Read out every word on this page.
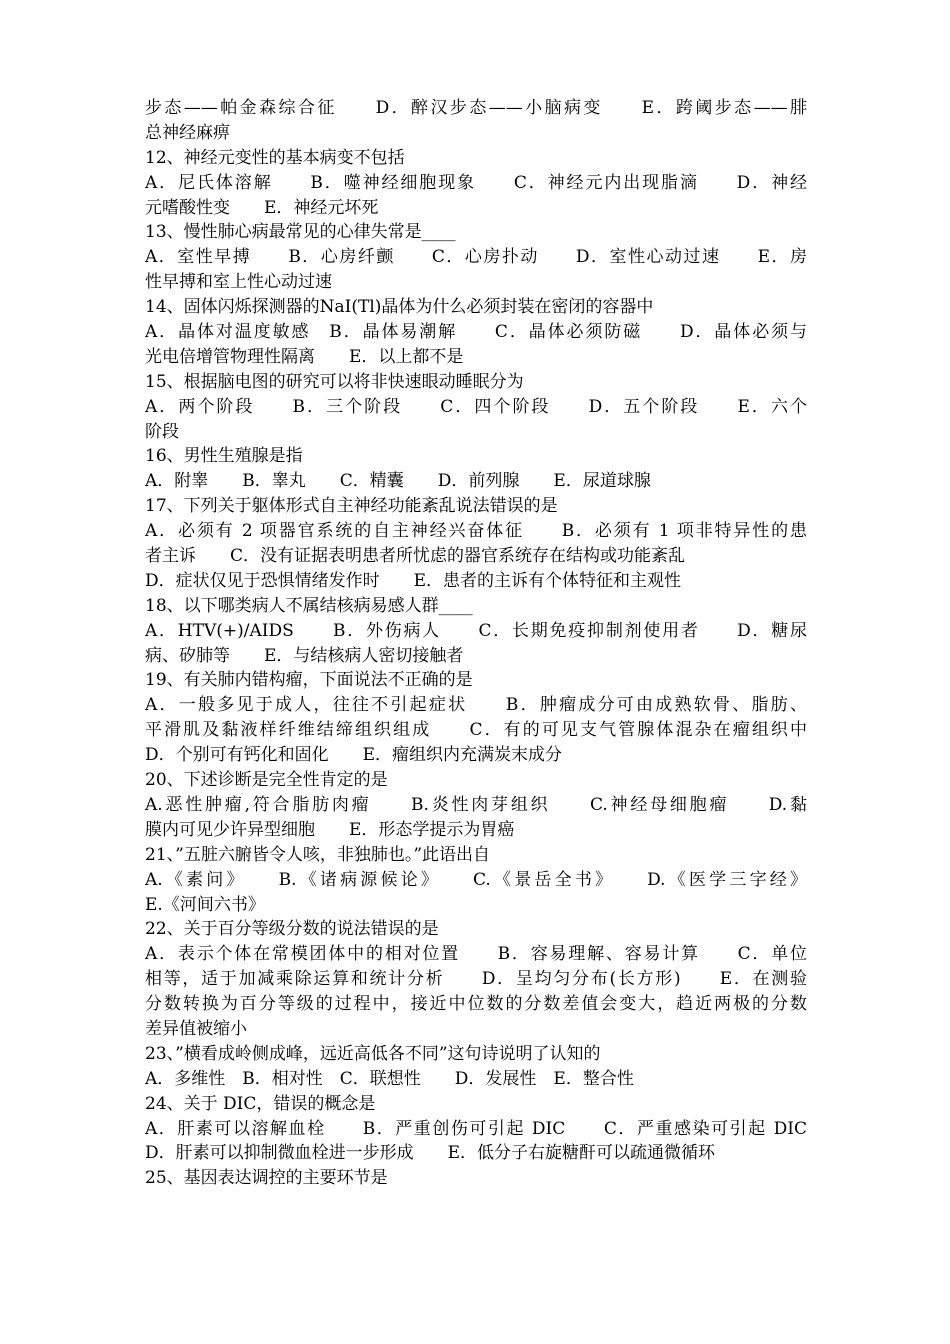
步态——帕金森综合征　　D．醉汉步态——小脑病变　　E．跨阈步态——腓
总神经麻痹
12、神经元变性的基本病变不包括
A．尼氏体溶解　　B．噬神经细胞现象　　C．神经元内出现脂滴　　D．神经
元嗜酸性变　　E．神经元坏死
13、慢性肺心病最常见的心律失常是____
A．室性早搏　　B．心房纤颤　　C．心房扑动　　D．室性心动过速　　E．房
性早搏和室上性心动过速
14、固体闪烁探测器的NaI(Tl)晶体为什么必须封装在密闭的容器中
A．晶体对温度敏感　B．晶体易潮解　　C．晶体必须防磁　　D．晶体必须与
光电倍增管物理性隔离　　E．以上都不是
15、根据脑电图的研究可以将非快速眼动睡眠分为
A．两个阶段　　B．三个阶段　　C．四个阶段　　D．五个阶段　　E．六个
阶段
16、男性生殖腺是指
A．附睾　　B．睾丸　　C．精囊　　D．前列腺　　E．尿道球腺
17、下列关于躯体形式自主神经功能紊乱说法错误的是
A．必须有 2 项器官系统的自主神经兴奋体征　　B．必须有 1 项非特异性的患
者主诉　　C．没有证据表明患者所忧虑的器官系统存在结构或功能紊乱
D．症状仅见于恐惧情绪发作时　　E．患者的主诉有个体特征和主观性
18、以下哪类病人不属结核病易感人群____
A．HTV(+)/AIDS　　B．外伤病人　　C．长期免疫抑制剂使用者　　D．糖尿
病、矽肺等　　E．与结核病人密切接触者
19、有关肺内错构瘤，下面说法不正确的是
A．一般多见于成人，往往不引起症状　　B．肿瘤成分可由成熟软骨、脂肪、
平滑肌及黏液样纤维结缔组织组成　　C．有的可见支气管腺体混杂在瘤组织中
D．个别可有钙化和固化　　E．瘤组织内充满炭末成分
20、下述诊断是完全性肯定的是
A.恶性肿瘤,符合脂肪肉瘤　　B.炎性肉芽组织　　C.神经母细胞瘤　　D.黏
膜内可见少许异型细胞　　E．形态学提示为胃癌
21、”五脏六腑皆令人咳，非独肺也。”此语出自
A.《素问》　　B.《诸病源候论》　　C.《景岳全书》　　D.《医学三字经》
E.《河间六书》
22、关于百分等级分数的说法错误的是
A．表示个体在常模团体中的相对位置　　B．容易理解、容易计算　　C．单位
相等，适于加减乘除运算和统计分析　　D．呈均匀分布(长方形)　　E．在测验
分数转换为百分等级的过程中，接近中位数的分数差值会变大，趋近两极的分数
差异值被缩小
23、”横看成岭侧成峰，远近高低各不同”这句诗说明了认知的
A．多维性　B．相对性　C．联想性　　D．发展性　E．整合性
24、关于 DIC，错误的概念是
A．肝素可以溶解血栓　　B．严重创伤可引起 DIC　　C．严重感染可引起 DIC
D．肝素可以抑制微血栓进一步形成　　E．低分子右旋糖酐可以疏通微循环
25、基因表达调控的主要环节是
